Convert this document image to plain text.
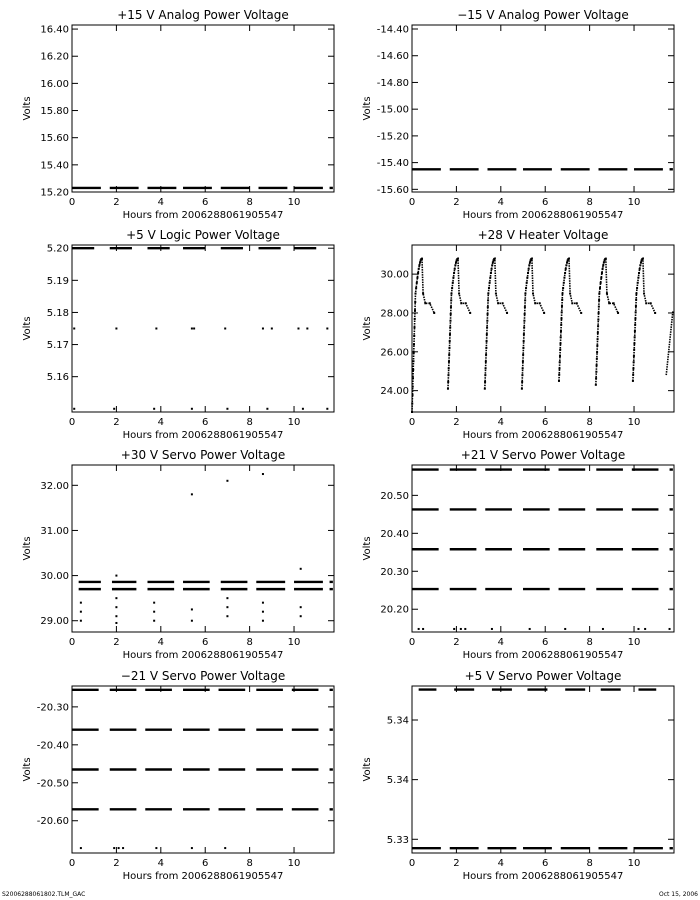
+15 V Analog Power Voltage
0	2	4	6	8	10
15.20
15.40
15.60
15.80
16.00
16.20
16.40
Hours from 2006288061905547
Volts
−15 V Analog Power Voltage
0	2	4	6	8	10
-15.60
-15.40
-15.20
-15.00
-14.80
-14.60
-14.40
Hours from 2006288061905547
Volts
+5 V Logic Power Voltage
0	2	4	6	8	10
5.16
5.17
5.18
5.19
5.20
Hours from 2006288061905547
Volts
+28 V Heater Voltage
0	2	4	6	8	10
24.00
26.00
28.00
30.00
Hours from 2006288061905547
Volts
+30 V Servo Power Voltage
0	2	4	6	8	10
29.00
30.00
31.00
32.00
Hours from 2006288061905547
Volts
+21 V Servo Power Voltage
0	2	4	6	8	10
20.20
20.30
20.40
20.50
Hours from 2006288061905547
Volts
−21 V Servo Power Voltage
0	2	4	6	8	10
-20.60
-20.50
-20.40
-20.30
Hours from 2006288061905547
Volts
+5 V Servo Power Voltage
0	2	4	6	8	10
5.33
5.34
5.34
Hours from 2006288061905547
Volts
S2006288061802.TLM_GAC	Oct 15, 2006
